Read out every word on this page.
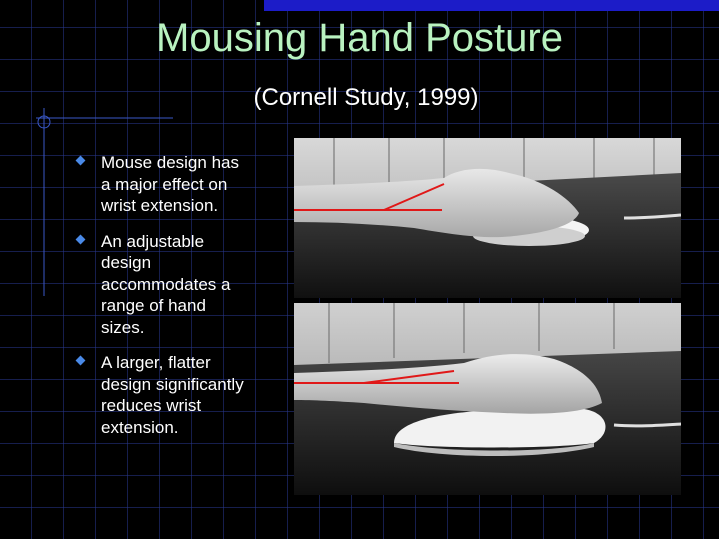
Mousing Hand Posture
(Cornell Study, 1999)
Mouse design has
a major effect on
wrist extension.
An adjustable
design
accommodates a
range of hand
sizes.
A larger, flatter
design significantly
reduces wrist
extension.
